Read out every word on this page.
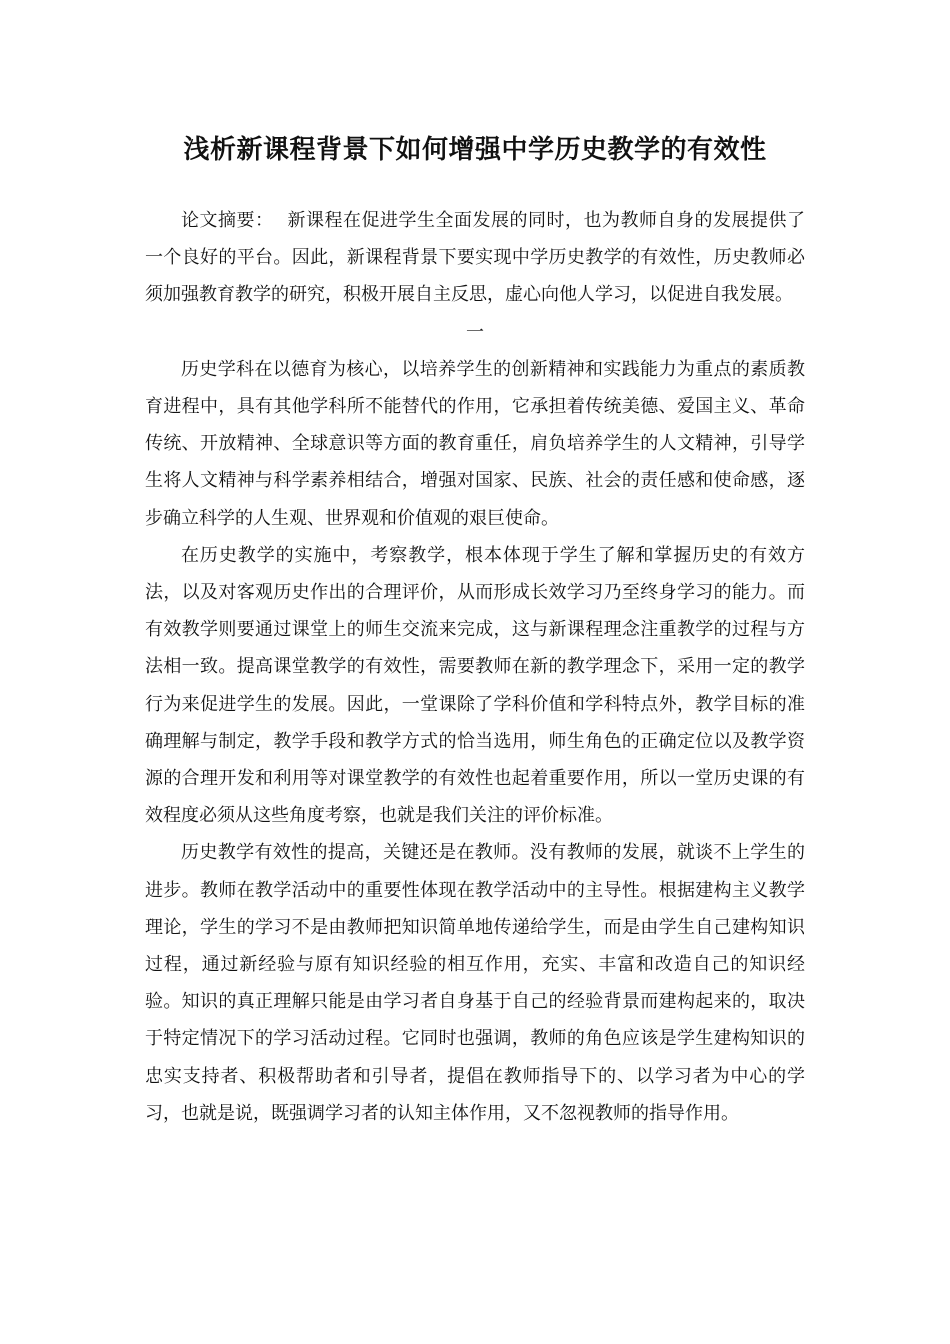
浅析新课程背景下如何增强中学历史教学的有效性

论文摘要： 新课程在促进学生全面发展的同时，也为教师自身的发展提供了一个良好的平台。因此，新课程背景下要实现中学历史教学的有效性，历史教师必须加强教育教学的研究，积极开展自主反思，虚心向他人学习，以促进自我发展。

一

历史学科在以德育为核心，以培养学生的创新精神和实践能力为重点的素质教育进程中，具有其他学科所不能替代的作用，它承担着传统美德、爱国主义、革命传统、开放精神、全球意识等方面的教育重任，肩负培养学生的人文精神，引导学生将人文精神与科学素养相结合，增强对国家、民族、社会的责任感和使命感，逐步确立科学的人生观、世界观和价值观的艰巨使命。

在历史教学的实施中，考察教学，根本体现于学生了解和掌握历史的有效方法，以及对客观历史作出的合理评价，从而形成长效学习乃至终身学习的能力。而有效教学则要通过课堂上的师生交流来完成，这与新课程理念注重教学的过程与方法相一致。提高课堂教学的有效性，需要教师在新的教学理念下，采用一定的教学行为来促进学生的发展。因此，一堂课除了学科价值和学科特点外，教学目标的准确理解与制定，教学手段和教学方式的恰当选用，师生角色的正确定位以及教学资源的合理开发和利用等对课堂教学的有效性也起着重要作用，所以一堂历史课的有效程度必须从这些角度考察，也就是我们关注的评价标准。

历史教学有效性的提高，关键还是在教师。没有教师的发展，就谈不上学生的进步。教师在教学活动中的重要性体现在教学活动中的主导性。根据建构主义教学理论，学生的学习不是由教师把知识简单地传递给学生，而是由学生自己建构知识过程，通过新经验与原有知识经验的相互作用，充实、丰富和改造自己的知识经验。知识的真正理解只能是由学习者自身基于自己的经验背景而建构起来的，取决于特定情况下的学习活动过程。它同时也强调，教师的角色应该是学生建构知识的忠实支持者、积极帮助者和引导者，提倡在教师指导下的、以学习者为中心的学习，也就是说，既强调学习者的认知主体作用，又不忽视教师的指导作用。
